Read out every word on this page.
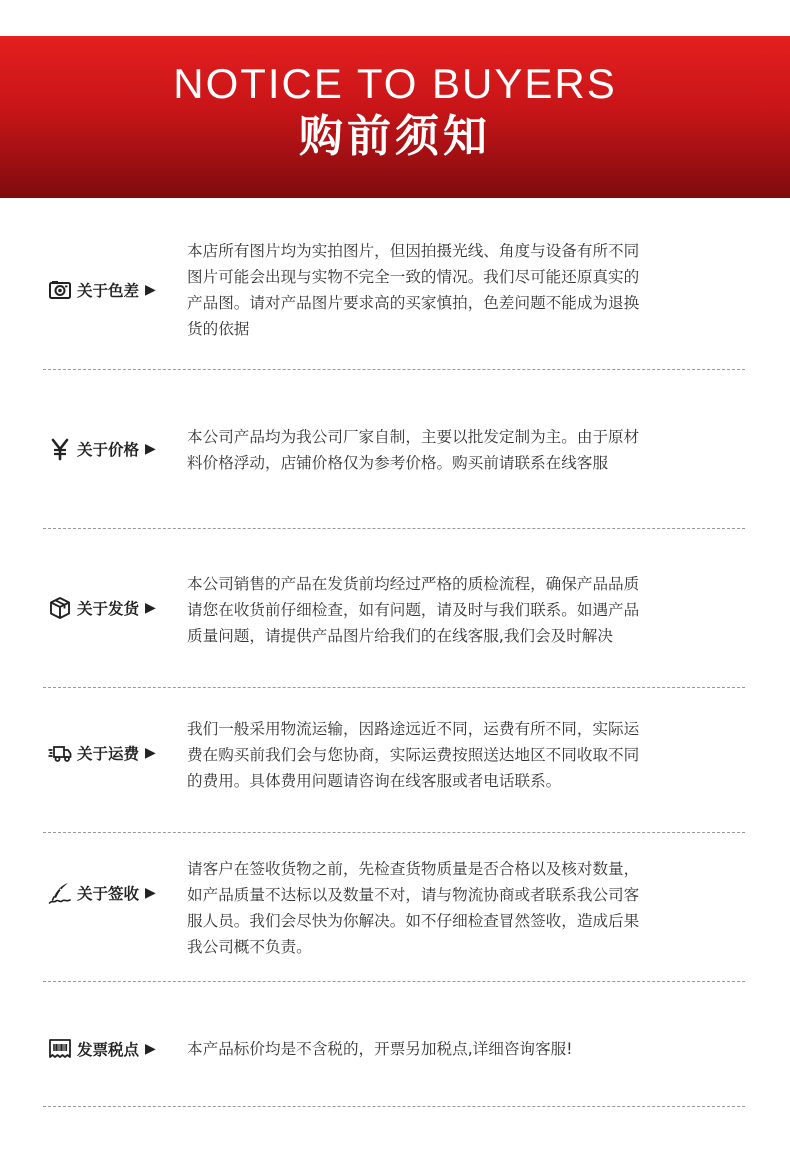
NOTICE TO BUYERS
购前须知
关于色差 ▶
本店所有图片均为实拍图片，但因拍摄光线、角度与设备有所不同
图片可能会出现与实物不完全一致的情况。我们尽可能还原真实的
产品图。请对产品图片要求高的买家慎拍，色差问题不能成为退换
货的依据
关于价格 ▶
本公司产品均为我公司厂家自制，主要以批发定制为主。由于原材
料价格浮动，店铺价格仅为参考价格。购买前请联系在线客服
关于发货 ▶
本公司销售的产品在发货前均经过严格的质检流程，确保产品品质
请您在收货前仔细检查，如有问题，请及时与我们联系。如遇产品
质量问题，请提供产品图片给我们的在线客服,我们会及时解决
关于运费 ▶
我们一般采用物流运输，因路途远近不同，运费有所不同，实际运
费在购买前我们会与您协商，实际运费按照送达地区不同收取不同
的费用。具体费用问题请咨询在线客服或者电话联系。
关于签收 ▶
请客户在签收货物之前，先检查货物质量是否合格以及核对数量，
如产品质量不达标以及数量不对，请与物流协商或者联系我公司客
服人员。我们会尽快为你解决。如不仔细检查冒然签收，造成后果
我公司概不负责。
发票税点 ▶ 本产品标价均是不含税的，开票另加税点,详细咨询客服!
